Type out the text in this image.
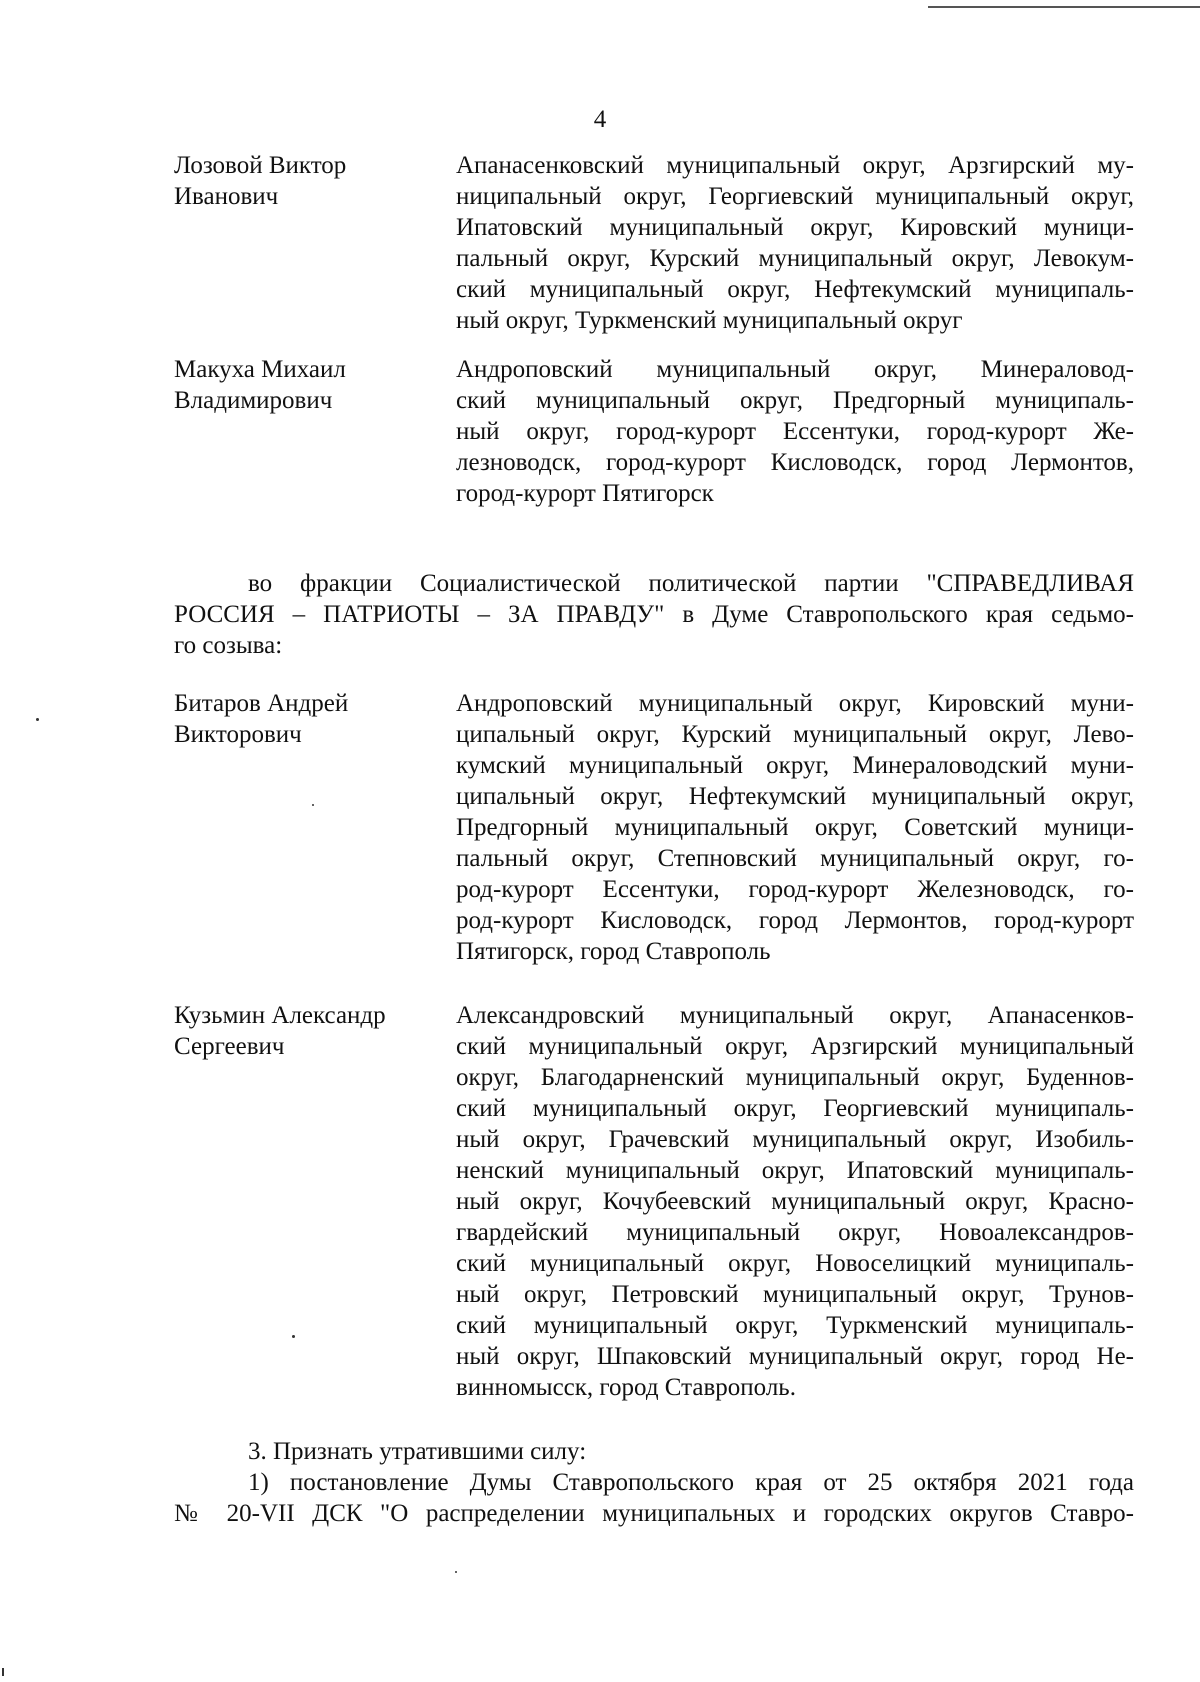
4
Лозовой Виктор
Иванович
Апанасенковский муниципальный округ, Арзгирский му-
ниципальный округ, Георгиевский муниципальный округ,
Ипатовский муниципальный округ, Кировский муници-
пальный округ, Курский муниципальный округ, Левокум-
ский муниципальный округ, Нефтекумский муниципаль-
ный округ, Туркменский муниципальный округ
Макуха Михаил
Владимирович
Андроповский муниципальный округ, Минераловод-
ский муниципальный округ, Предгорный муниципаль-
ный округ, город-курорт Ессентуки, город-курорт Же-
лезноводск, город-курорт Кисловодск, город Лермонтов,
город-курорт Пятигорск
во фракции Социалистической политической партии "СПРАВЕДЛИВАЯ
РОССИЯ – ПАТРИОТЫ – ЗА ПРАВДУ" в Думе Ставропольского края седьмо-
го созыва:
Битаров Андрей
Викторович
Андроповский муниципальный округ, Кировский муни-
ципальный округ, Курский муниципальный округ, Лево-
кумский муниципальный округ, Минераловодский муни-
ципальный округ, Нефтекумский муниципальный округ,
Предгорный муниципальный округ, Советский муници-
пальный округ, Степновский муниципальный округ, го-
род-курорт Ессентуки, город-курорт Железноводск, го-
род-курорт Кисловодск, город Лермонтов, город-курорт
Пятигорск, город Ставрополь
Кузьмин Александр
Сергеевич
Александровский муниципальный округ, Апанасенков-
ский муниципальный округ, Арзгирский муниципальный
округ, Благодарненский муниципальный округ, Буденнов-
ский муниципальный округ, Георгиевский муниципаль-
ный округ, Грачевский муниципальный округ, Изобиль-
ненский муниципальный округ, Ипатовский муниципаль-
ный округ, Кочубеевский муниципальный округ, Красно-
гвардейский муниципальный округ, Новоалександров-
ский муниципальный округ, Новоселицкий муниципаль-
ный округ, Петровский муниципальный округ, Трунов-
ский муниципальный округ, Туркменский муниципаль-
ный округ, Шпаковский муниципальный округ, город Не-
винномысск, город Ставрополь.
3. Признать утратившими силу:
1) постановление Думы Ставропольского края от 25 октября 2021 года
№ 20-VII ДСК "О распределении муниципальных и городских округов Ставро-
